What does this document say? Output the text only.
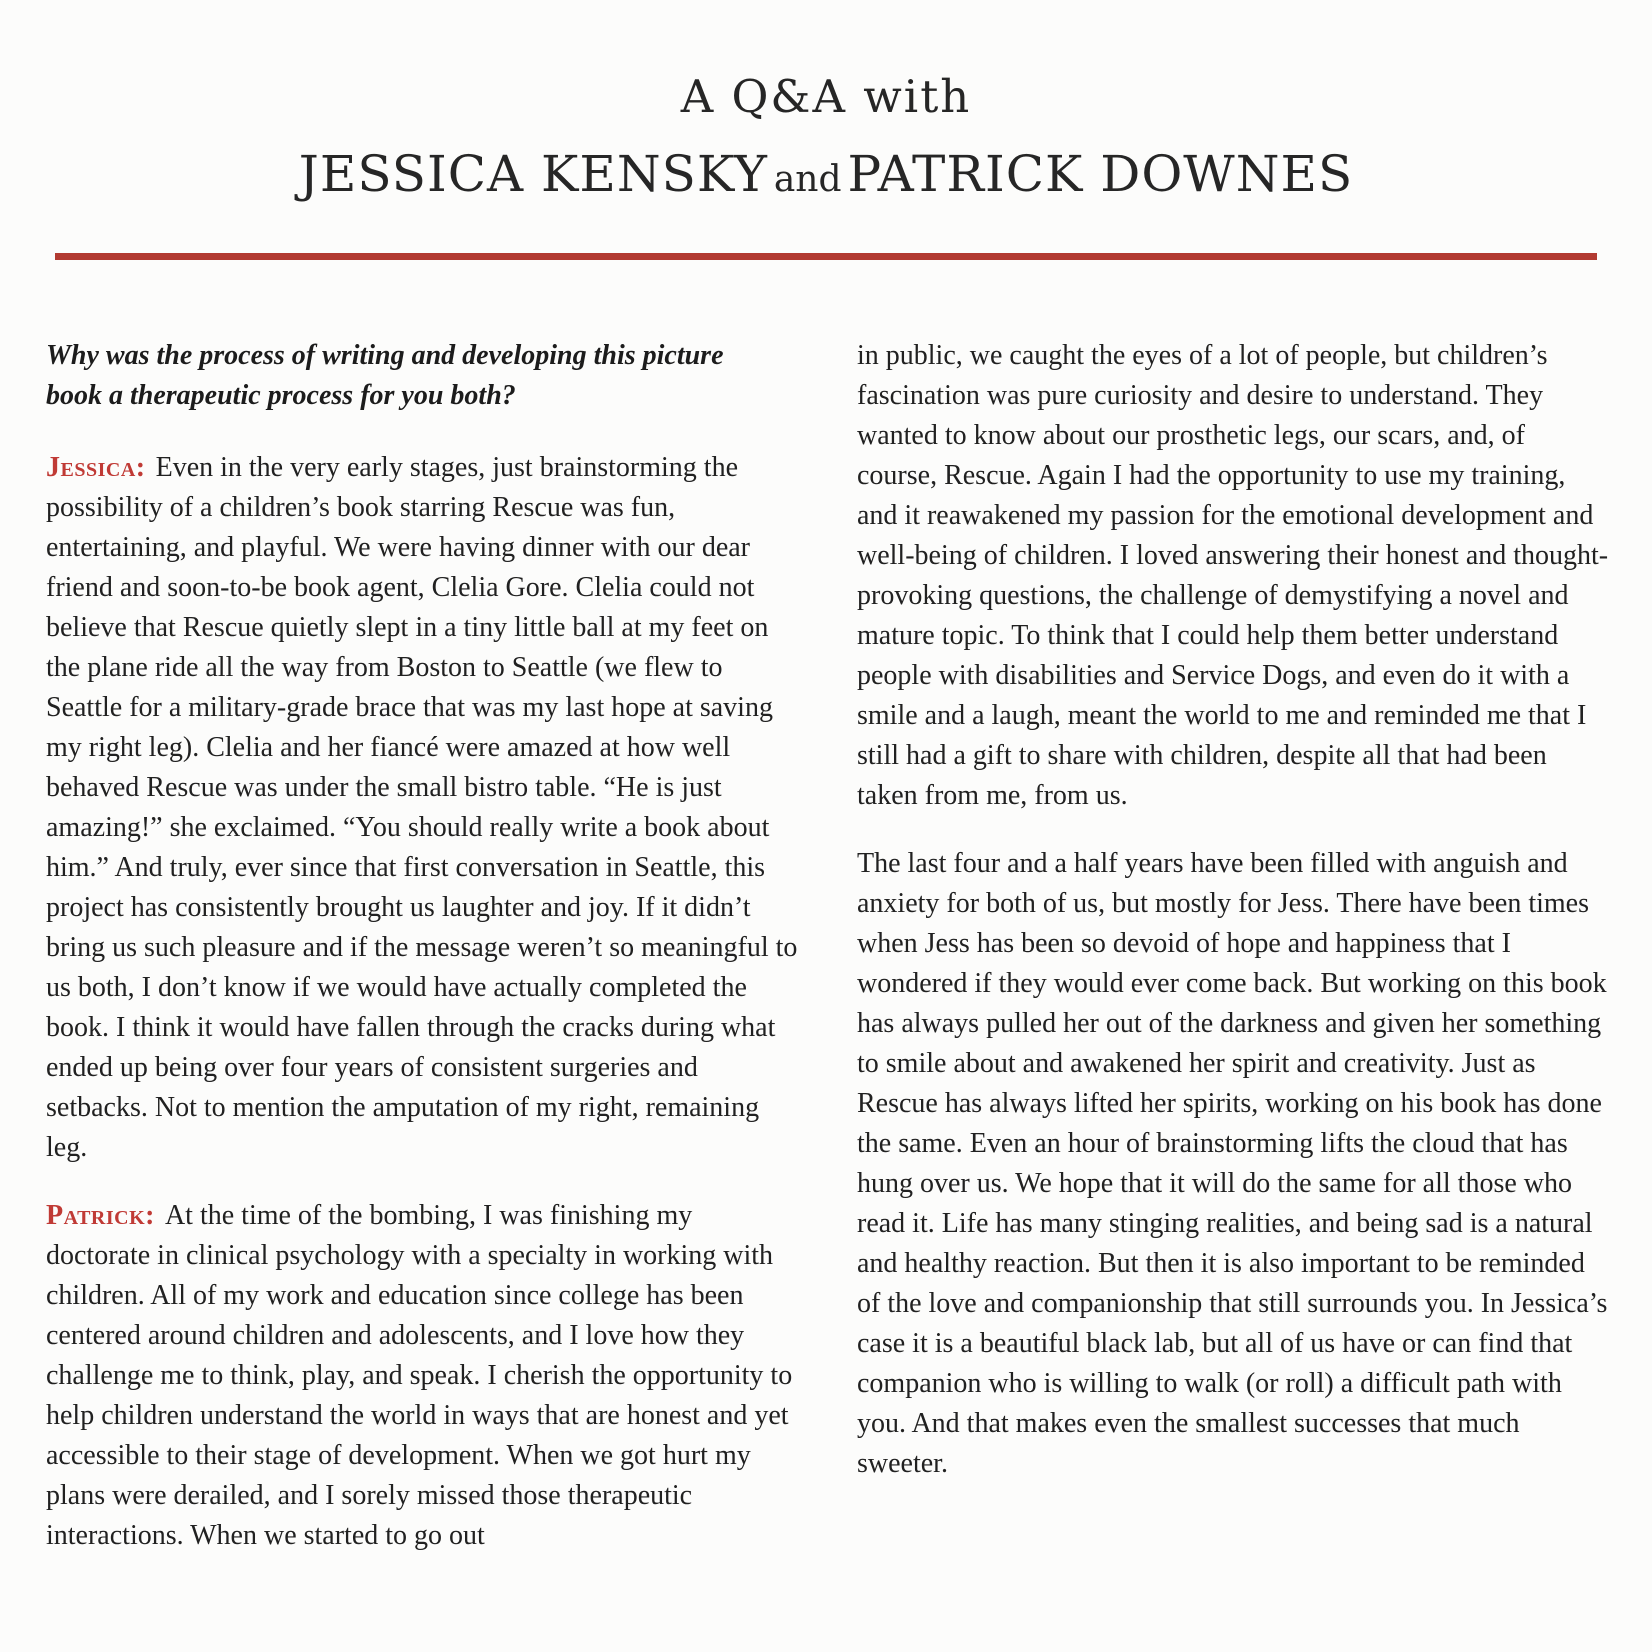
A Q&A with
JESSICA KENSKY and PATRICK DOWNES

Why was the process of writing and developing this picture book a therapeutic process for you both?

Jessica: Even in the very early stages, just brainstorming the possibility of a children’s book starring Rescue was fun, entertaining, and playful. We were having dinner with our dear friend and soon-to-be book agent, Clelia Gore. Clelia could not believe that Rescue quietly slept in a tiny little ball at my feet on the plane ride all the way from Boston to Seattle (we flew to Seattle for a military-grade brace that was my last hope at saving my right leg). Clelia and her fiancé were amazed at how well behaved Rescue was under the small bistro table. “He is just amazing!” she exclaimed. “You should really write a book about him.” And truly, ever since that first conversation in Seattle, this project has consistently brought us laughter and joy. If it didn’t bring us such pleasure and if the message weren’t so meaningful to us both, I don’t know if we would have actually completed the book. I think it would have fallen through the cracks during what ended up being over four years of consistent surgeries and setbacks. Not to mention the amputation of my right, remaining leg.

Patrick: At the time of the bombing, I was finishing my doctorate in clinical psychology with a specialty in working with children. All of my work and education since college has been centered around children and adolescents, and I love how they challenge me to think, play, and speak. I cherish the opportunity to help children understand the world in ways that are honest and yet accessible to their stage of development. When we got hurt my plans were derailed, and I sorely missed those therapeutic interactions. When we started to go out

in public, we caught the eyes of a lot of people, but children’s fascination was pure curiosity and desire to understand. They wanted to know about our prosthetic legs, our scars, and, of course, Rescue. Again I had the opportunity to use my training, and it reawakened my passion for the emotional development and well-being of children. I loved answering their honest and thought-provoking questions, the challenge of demystifying a novel and mature topic. To think that I could help them better understand people with disabilities and Service Dogs, and even do it with a smile and a laugh, meant the world to me and reminded me that I still had a gift to share with children, despite all that had been taken from me, from us.

The last four and a half years have been filled with anguish and anxiety for both of us, but mostly for Jess. There have been times when Jess has been so devoid of hope and happiness that I wondered if they would ever come back. But working on this book has always pulled her out of the darkness and given her something to smile about and awakened her spirit and creativity. Just as Rescue has always lifted her spirits, working on his book has done the same. Even an hour of brainstorming lifts the cloud that has hung over us. We hope that it will do the same for all those who read it. Life has many stinging realities, and being sad is a natural and healthy reaction. But then it is also important to be reminded of the love and companionship that still surrounds you. In Jessica’s case it is a beautiful black lab, but all of us have or can find that companion who is willing to walk (or roll) a difficult path with you. And that makes even the smallest successes that much sweeter.
